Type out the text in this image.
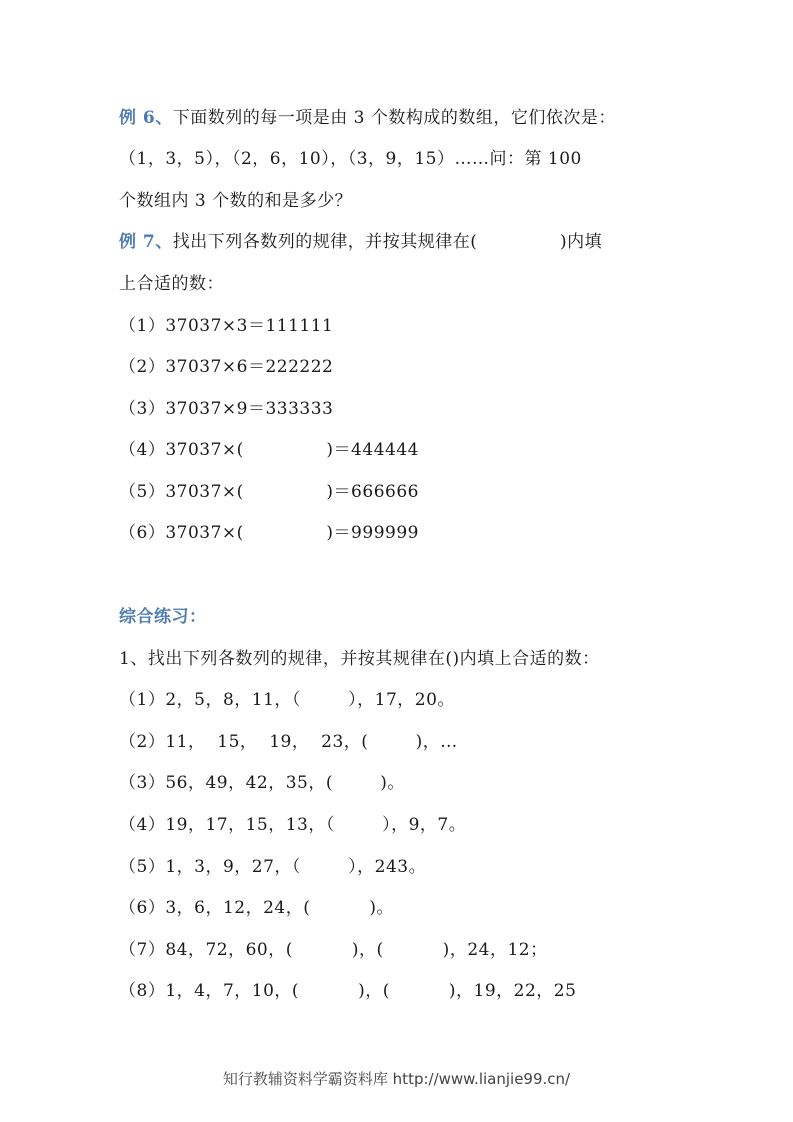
例 6、下面数列的每一项是由 3 个数构成的数组，它们依次是：
（1，3，5），（2，6，10），（3，9，15）……问：第 100
个数组内 3 个数的和是多少？
例 7、找出下列各数列的规律，并按其规律在(              )内填
上合适的数：
（1）37037×3＝111111
（2）37037×6＝222222
（3）37037×9＝333333
（4）37037×(              )＝444444
（5）37037×(              )＝666666
（6）37037×(              )＝999999
综合练习：
1、找出下列各数列的规律，并按其规律在()内填上合适的数：
（1）2，5，8，11，（        ），17，20。
（2）11，  15，  19，  23，(        )，…
（3）56，49，42，35，(        )。
（4）19，17，15，13，（        ），9，7。
（5）1，3，9，27，（        ），243。
（6）3，6，12，24，(          )。
（7）84，72，60，(          )，(          )，24，12；
（8）1，4，7，10，(          )，(          )，19，22，25
知行教辅资料学霸资料库 http://www.lianjie99.cn/
